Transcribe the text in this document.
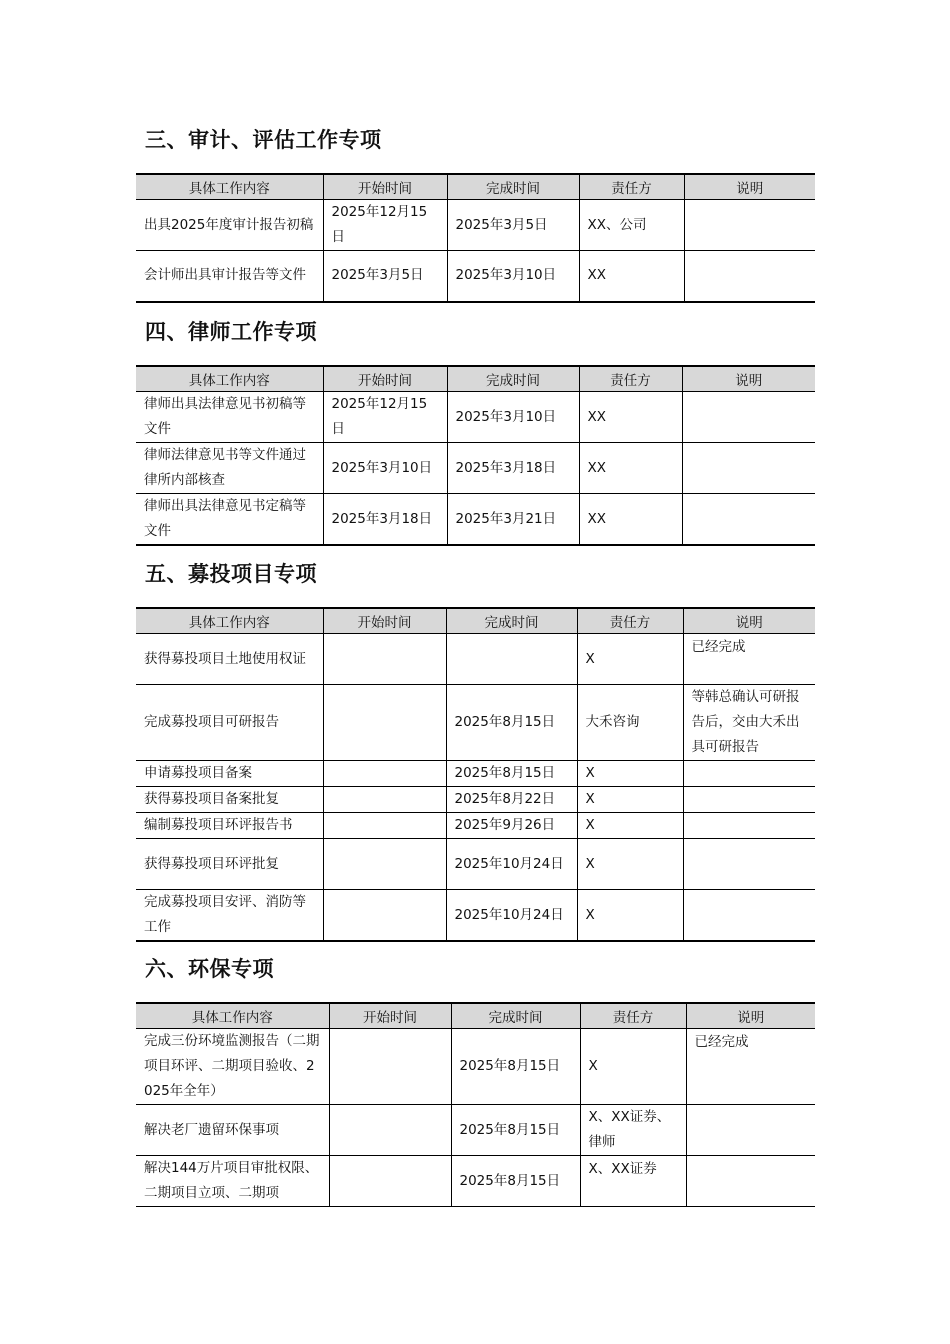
三、审计、评估工作专项
具体工作内容	开始时间	完成时间	责任方	说明
出具2025年度审计报告初稿	2025年12月15日	2025年3月5日	XX、公司	
会计师出具审计报告等文件	2025年3月5日	2025年3月10日	XX	
四、律师工作专项
具体工作内容	开始时间	完成时间	责任方	说明
律师出具法律意见书初稿等文件	2025年12月15日	2025年3月10日	XX	
律师法律意见书等文件通过律所内部核查	2025年3月10日	2025年3月18日	XX	
律师出具法律意见书定稿等文件	2025年3月18日	2025年3月21日	XX	
五、募投项目专项
具体工作内容	开始时间	完成时间	责任方	说明
获得募投项目土地使用权证			X	已经完成
完成募投项目可研报告		2025年8月15日	大禾咨询	等韩总确认可研报告后，交由大禾出具可研报告
申请募投项目备案		2025年8月15日	X	
获得募投项目备案批复		2025年8月22日	X	
编制募投项目环评报告书		2025年9月26日	X	
获得募投项目环评批复		2025年10月24日	X	
完成募投项目安评、消防等工作		2025年10月24日	X	
六、环保专项
具体工作内容	开始时间	完成时间	责任方	说明
完成三份环境监测报告（二期项目环评、二期项目验收、2025年全年）		2025年8月15日	X	已经完成
解决老厂遗留环保事项		2025年8月15日	X、XX证券、律师	
解决144万片项目审批权限、二期项目立项、二期项		2025年8月15日	X、XX证券	
